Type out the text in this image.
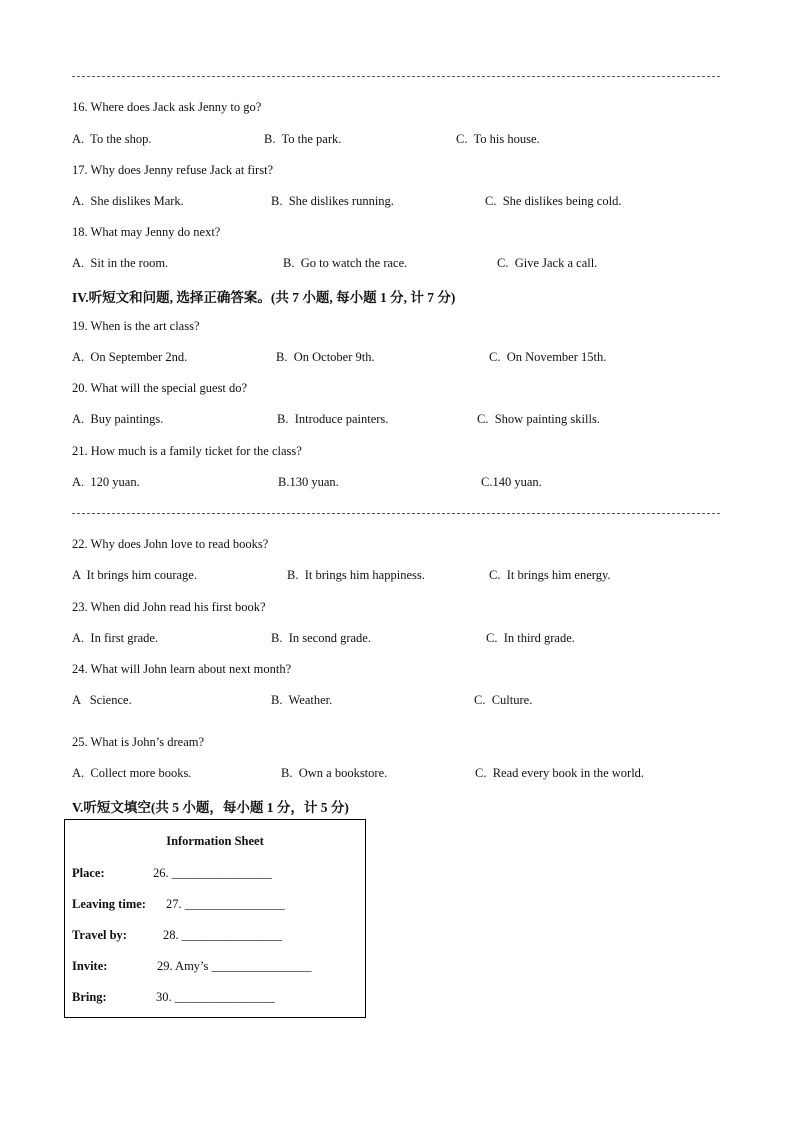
16. Where does Jack ask Jenny to go?
A.  To the shop.	B.  To the park.	C.  To his house.
17. Why does Jenny refuse Jack at first?
A.  She dislikes Mark.	B.  She dislikes running.	C.  She dislikes being cold.
18. What may Jenny do next?
A.  Sit in the room.	B.  Go to watch the race.	C.  Give Jack a call.
IV.听短文和问题, 选择正确答案。(共 7 小题, 每小题 1 分, 计 7 分)
19. When is the art class?
A.  On September 2nd.	B.  On October 9th.	C.  On November 15th.
20. What will the special guest do?
A.  Buy paintings.	B.  Introduce painters.	C.  Show painting skills.
21. How much is a family ticket for the class?
A.  120 yuan.	B.130 yuan.	C.140 yuan.
22. Why does John love to read books?
A  It brings him courage.	B.  It brings him happiness.	C.  It brings him energy.
23. When did John read his first book?
A.  In first grade.	B.  In second grade.	C.  In third grade.
24. What will John learn about next month?
A   Science.	B.  Weather.	C.  Culture.
25. What is John’s dream?
A.  Collect more books.	B.  Own a bookstore.	C.  Read every book in the world.
V.听短文填空(共 5 小题，每小题 1 分，计 5 分)
Information Sheet
Place:	26. ________________
Leaving time: 27. ________________
Travel by:	28. ________________
Invite:	29. Amy’s ________________
Bring:	30. ________________
